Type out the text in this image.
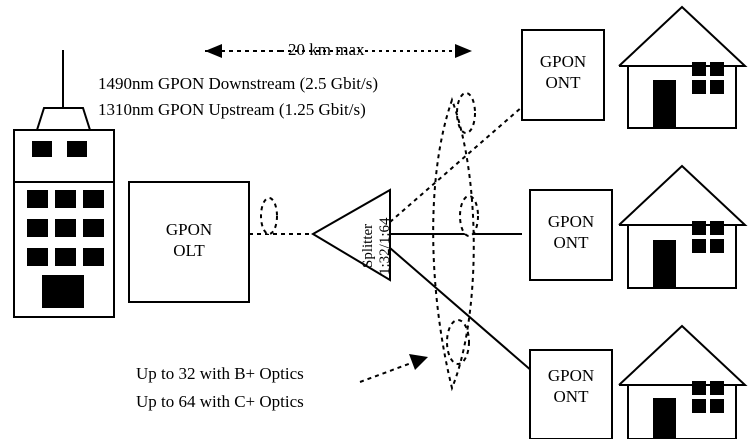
20 km max
1490nm GPON Downstream (2.5 Gbit/s)
1310nm GPON Upstream (1.25 Gbit/s)
GPON
OLT	Splitter 1:32/1:64
GPON
ONT
GPON
ONT
GPON
ONT
Up to 32 with B+ Optics
Up to 64 with C+ Optics
